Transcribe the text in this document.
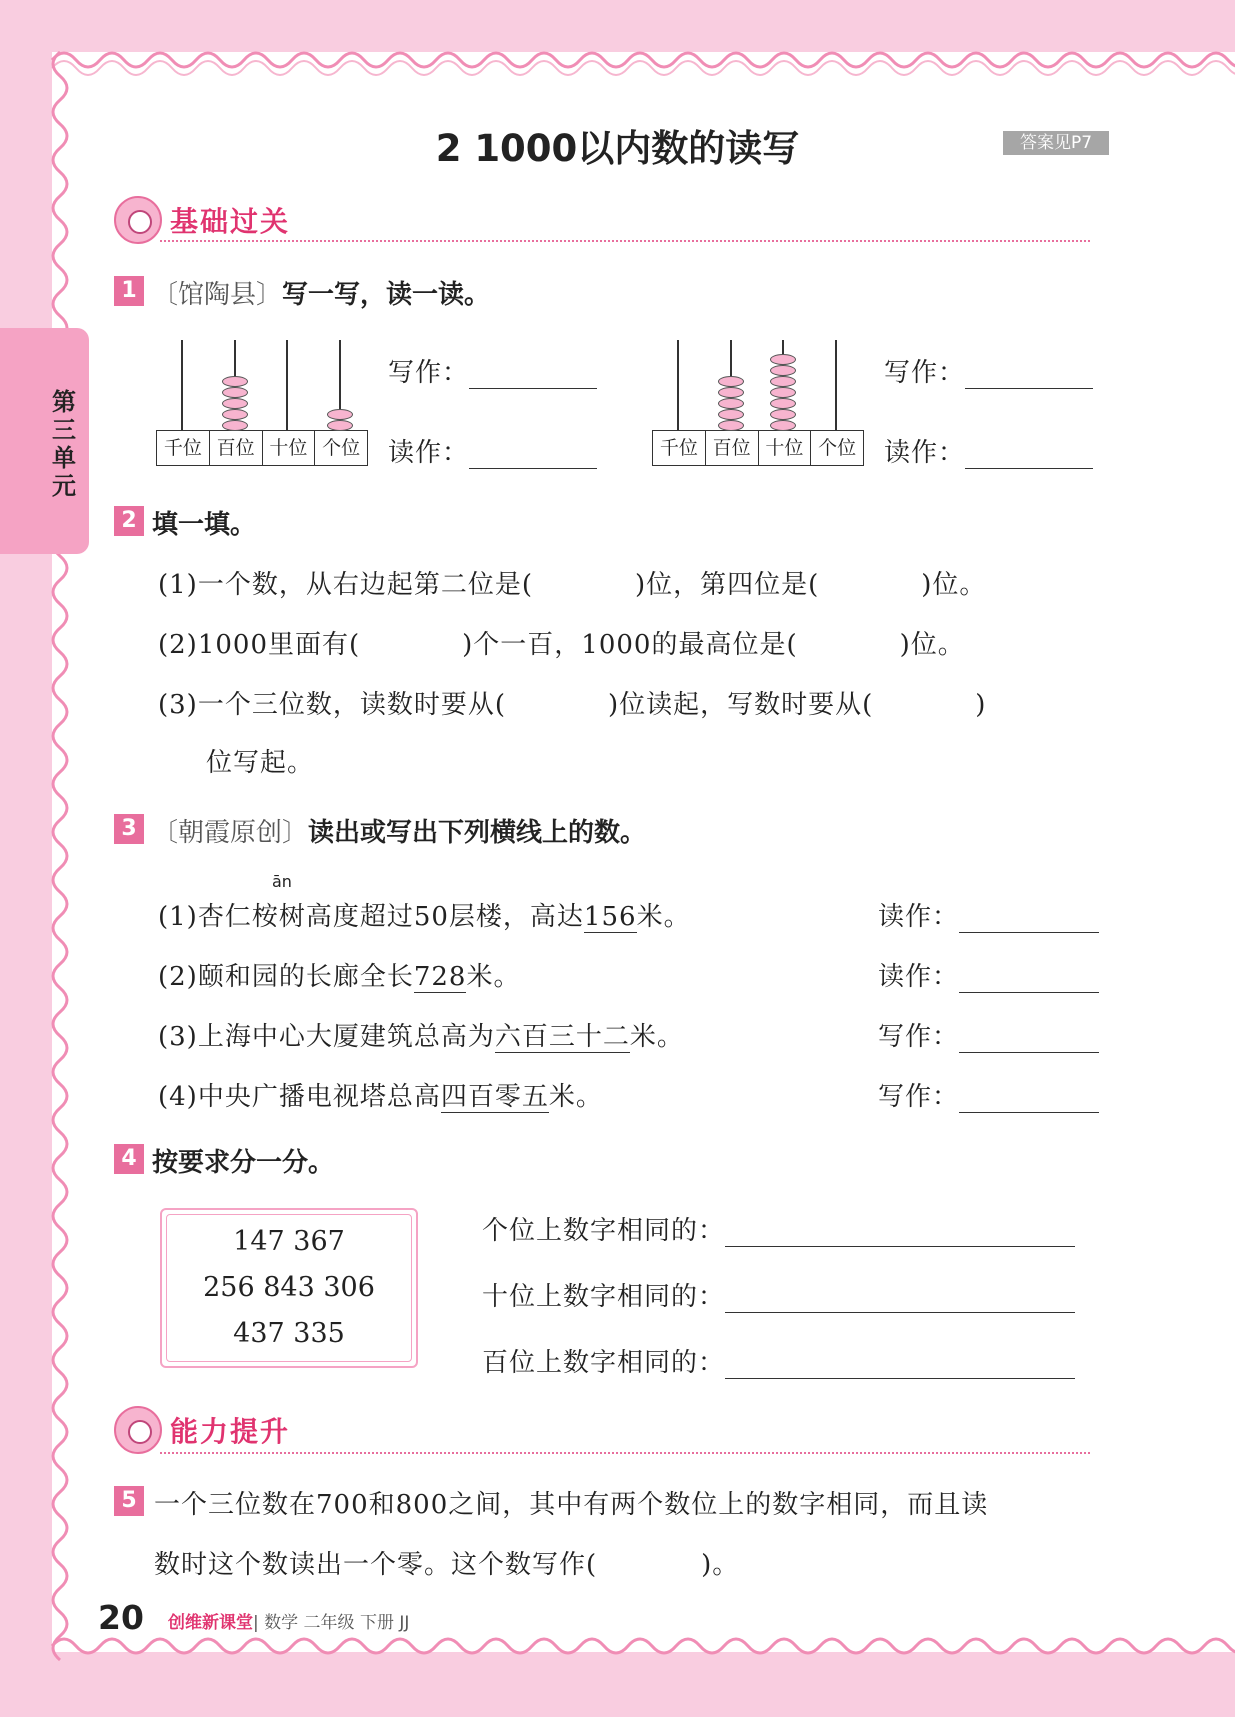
2 1000以内数的读写	答案见P7
第三单元
基础过关
1 〔馆陶县〕写一写，读一读。
千位 百位 十位 个位	千位 百位 十位 个位
写作：
读作：
写作：
读作：
2 填一填。
(1)一个数，从右边起第二位是(	)位，第四位是(	)位。
(2)1000里面有(	)个一百，1000的最高位是(	)位。
(3)一个三位数，读数时要从(	)位读起，写数时要从(	)
位写起。
3 〔朝霞原创〕读出或写出下列横线上的数。
ān
(1)杏仁桉树高度超过50层楼，高达156米。	读作：
(2)颐和园的长廊全长728米。	读作：
(3)上海中心大厦建筑总高为六百三十二米。	写作：
(4)中央广播电视塔总高四百零五米。	写作：
4 按要求分一分。
147 367
256 843 306
437 335
个位上数字相同的：
十位上数字相同的：
百位上数字相同的：
能力提升
5 一个三位数在700和800之间，其中有两个数位上的数字相同，而且读
数时这个数读出一个零。这个数写作(	)。
20 创维新课堂| 数学 二年级 下册 JJ
